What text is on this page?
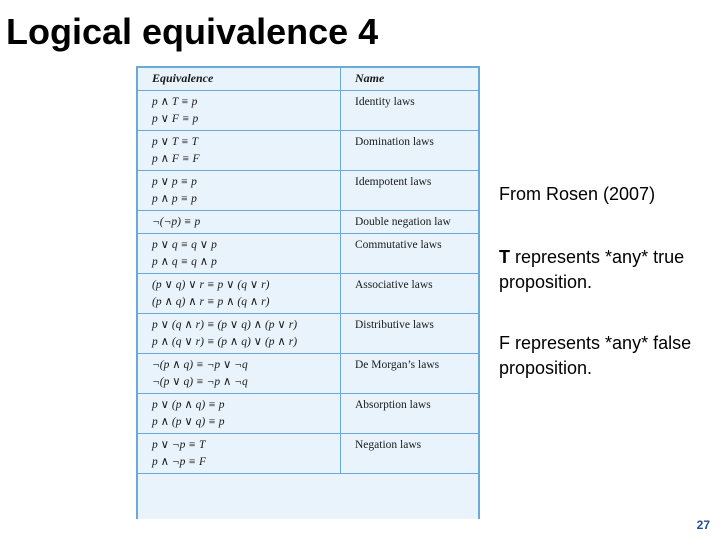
Logical equivalence 4
Equivalence	Name

p ∧ T ≡ p
p ∨ F ≡ p	Identity laws

p ∨ T ≡ T
p ∧ F ≡ F	Domination laws

p ∨ p ≡ p
p ∧ p ≡ p	Idempotent laws

¬(¬p) ≡ p	Double negation law

p ∨ q ≡ q ∨ p
p ∧ q ≡ q ∧ p	Commutative laws

(p ∨ q) ∨ r ≡ p ∨ (q ∨ r)
(p ∧ q) ∧ r ≡ p ∧ (q ∧ r)	Associative laws

p ∨ (q ∧ r) ≡ (p ∨ q) ∧ (p ∨ r)
p ∧ (q ∨ r) ≡ (p ∧ q) ∨ (p ∧ r)	Distributive laws

¬(p ∧ q) ≡ ¬p ∨ ¬q
¬(p ∨ q) ≡ ¬p ∧ ¬q	De Morgan’s laws

p ∨ (p ∧ q) ≡ p
p ∧ (p ∨ q) ≡ p	Absorption laws

p ∨ ¬p ≡ T
p ∧ ¬p ≡ F	Negation laws
From Rosen (2007)
T represents *any* true proposition.
F represents *any* false proposition.
27
